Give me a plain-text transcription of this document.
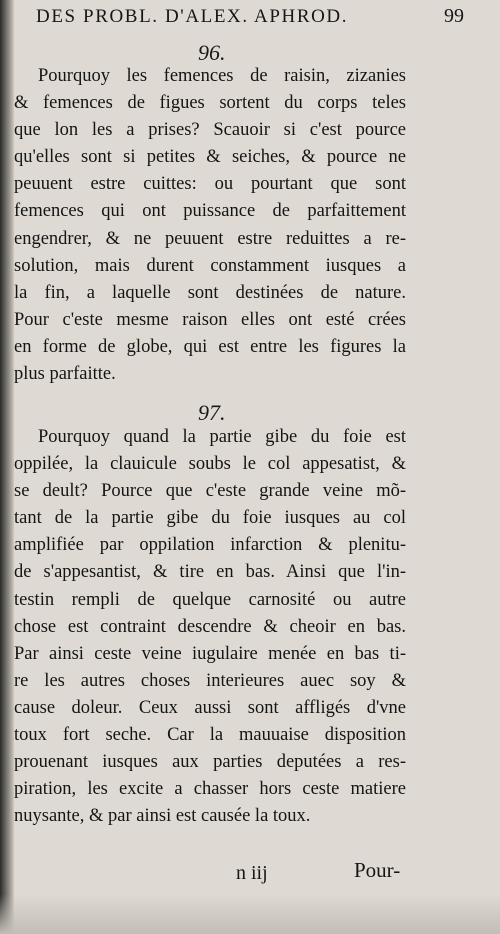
DES PROBL. D'ALEX. APHROD.	99
96.
Pourquoy les femences de raisin, zizanies
& femences de figues sortent du corps teles
que lon les a prises? Scauoir si c'est pource
qu'elles sont si petites & seiches, & pource ne
peuuent estre cuittes: ou pourtant que sont
femences qui ont puissance de parfaittement
engendrer, & ne peuuent estre reduittes a re-
solution, mais durent constamment iusques a
la fin, a laquelle sont destinées de nature.
Pour c'este mesme raison elles ont esté crées
en forme de globe, qui est entre les figures la
plus parfaitte.
97.
Pourquoy quand la partie gibe du foie est
oppilée, la clauicule soubs le col appesatist, &
se deult? Pource que c'este grande veine mõ-
tant de la partie gibe du foie iusques au col
amplifiée par oppilation infarction & plenitu-
de s'appesantist, & tire en bas. Ainsi que l'in-
testin rempli de quelque carnosité ou autre
chose est contraint descendre & cheoir en bas.
Par ainsi ceste veine iugulaire menée en bas ti-
re les autres choses interieures auec soy &
cause doleur. Ceux aussi sont affligés d'vne
toux fort seche. Car la mauuaise disposition
prouenant iusques aux parties deputées a res-
piration, les excite a chasser hors ceste matiere
nuysante, & par ainsi est causée la toux.
n iij	Pour-
